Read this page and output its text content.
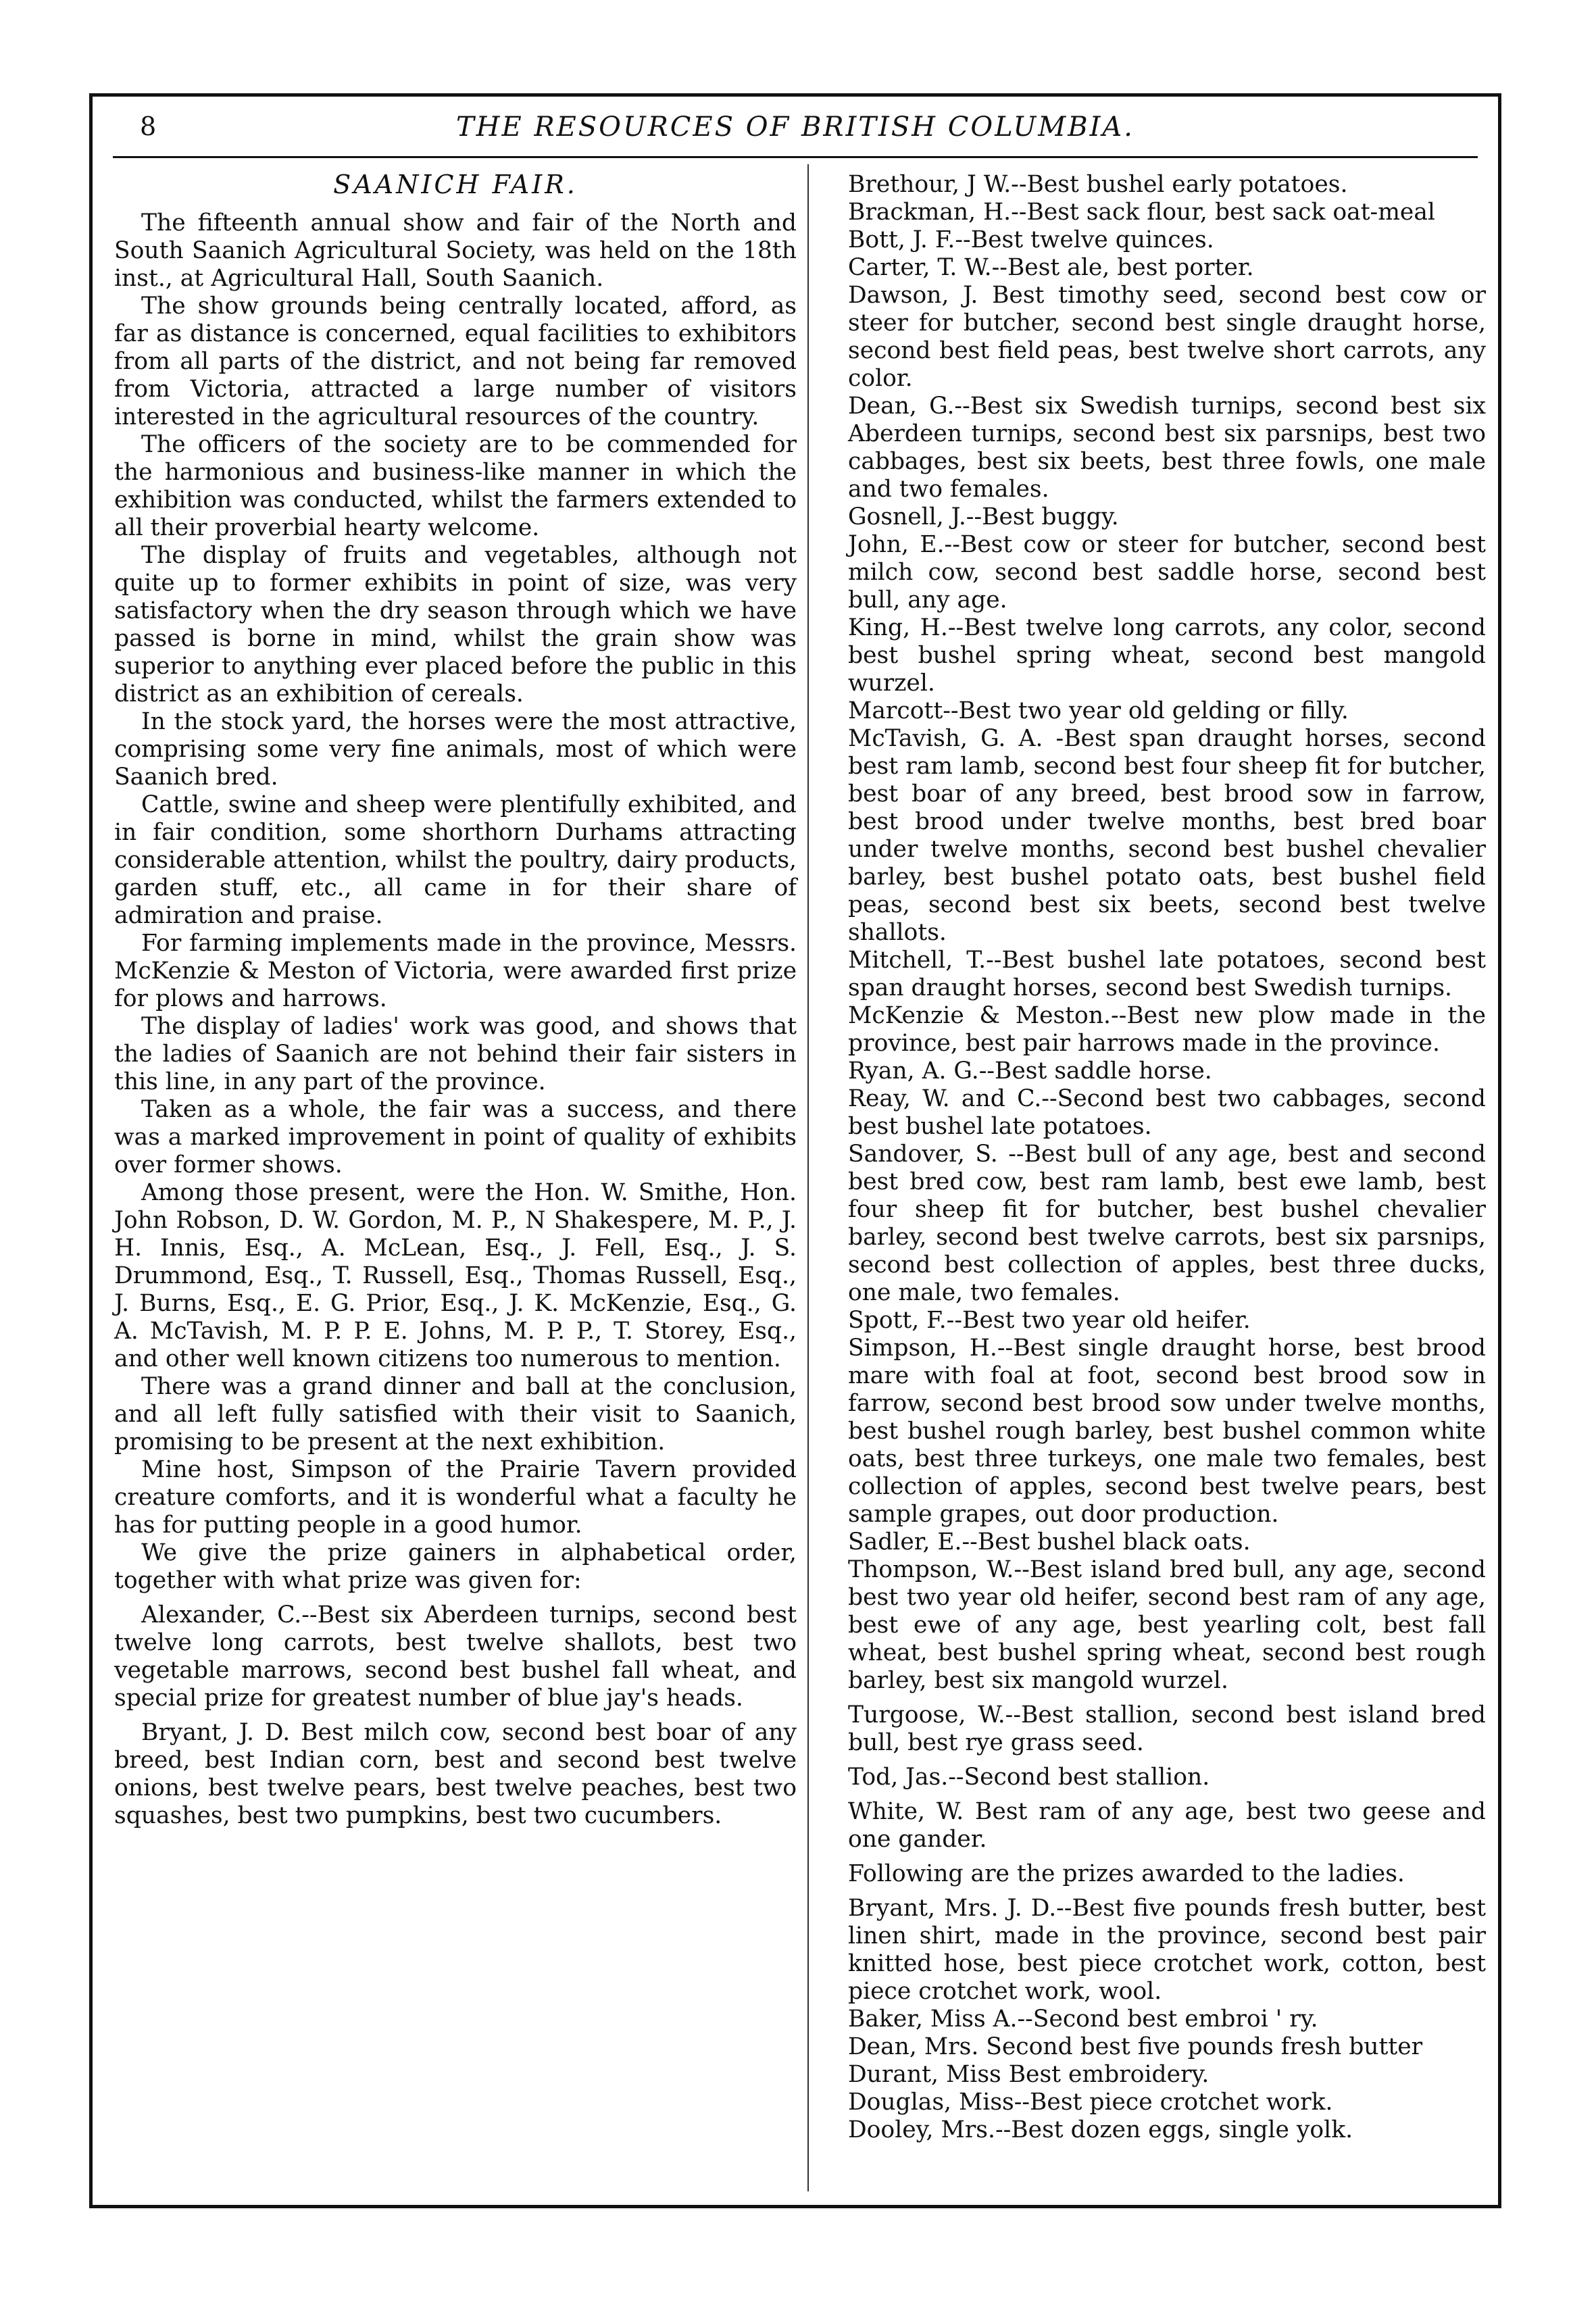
8	THE RESOURCES OF BRITISH COLUMBIA.

SAANICH FAIR.

The fifteenth annual show and fair of the North and South Saanich Agricultural Society, was held on the 18th inst., at Agricultural Hall, South Saanich.

The show grounds being centrally located, afford, as far as distance is concerned, equal facilities to exhibitors from all parts of the district, and not being far removed from Victoria, attracted a large number of visitors interested in the agricultural resources of the country.

The officers of the society are to be commended for the harmonious and business-like manner in which the exhibition was conducted, whilst the farmers extended to all their proverbial hearty welcome.

The display of fruits and vegetables, although not quite up to former exhibits in point of size, was very satisfactory when the dry season through which we have passed is borne in mind, whilst the grain show was superior to anything ever placed before the public in this district as an exhibition of cereals.

In the stock yard, the horses were the most attractive, comprising some very fine animals, most of which were Saanich bred.

Cattle, swine and sheep were plentifully exhibited, and in fair condition, some shorthorn Durhams attracting considerable attention, whilst the poultry, dairy products, garden stuff, etc., all came in for their share of admiration and praise.

For farming implements made in the province, Messrs. McKenzie & Meston of Victoria, were awarded first prize for plows and harrows.

The display of ladies' work was good, and shows that the ladies of Saanich are not behind their fair sisters in this line, in any part of the province.

Taken as a whole, the fair was a success, and there was a marked improvement in point of quality of exhibits over former shows.

Among those present, were the Hon. W. Smithe, Hon. John Robson, D. W. Gordon, M. P., N Shakespere, M. P., J. H. Innis, Esq., A. McLean, Esq., J. Fell, Esq., J. S. Drummond, Esq., T. Russell, Esq., Thomas Russell, Esq., J. Burns, Esq., E. G. Prior, Esq., J. K. McKenzie, Esq., G. A. McTavish, M. P. P. E. Johns, M. P. P., T. Storey, Esq., and other well known citizens too numerous to mention.

There was a grand dinner and ball at the conclusion, and all left fully satisfied with their visit to Saanich, promising to be present at the next exhibition.

Mine host, Simpson of the Prairie Tavern provided creature comforts, and it is wonderful what a faculty he has for putting people in a good humor.

We give the prize gainers in alphabetical order, together with what prize was given for:

Alexander, C.--Best six Aberdeen turnips, second best twelve long carrots, best twelve shallots, best two vegetable marrows, second best bushel fall wheat, and special prize for greatest number of blue jay's heads.

Bryant, J. D. Best milch cow, second best boar of any breed, best Indian corn, best and second best twelve onions, best twelve pears, best twelve peaches, best two squashes, best two pumpkins, best two cucumbers.

Brethour, J W.--Best bushel early potatoes.

Brackman, H.--Best sack flour, best sack oat-meal

Bott, J. F.--Best twelve quinces.

Carter, T. W.--Best ale, best porter.

Dawson, J. Best timothy seed, second best cow or steer for butcher, second best single draught horse, second best field peas, best twelve short carrots, any color.

Dean, G.--Best six Swedish turnips, second best six Aberdeen turnips, second best six parsnips, best two cabbages, best six beets, best three fowls, one male and two females.

Gosnell, J.--Best buggy.

John, E.--Best cow or steer for butcher, second best milch cow, second best saddle horse, second best bull, any age.

King, H.--Best twelve long carrots, any color, second best bushel spring wheat, second best mangold wurzel.

Marcott--Best two year old gelding or filly.

McTavish, G. A. -Best span draught horses, second best ram lamb, second best four sheep fit for butcher, best boar of any breed, best brood sow in farrow, best brood under twelve months, best bred boar under twelve months, second best bushel chevalier barley, best bushel potato oats, best bushel field peas, second best six beets, second best twelve shallots.

Mitchell, T.--Best bushel late potatoes, second best span draught horses, second best Swedish turnips.

McKenzie & Meston.--Best new plow made in the province, best pair harrows made in the province.

Ryan, A. G.--Best saddle horse.

Reay, W. and C.--Second best two cabbages, second best bushel late potatoes.

Sandover, S. --Best bull of any age, best and second best bred cow, best ram lamb, best ewe lamb, best four sheep fit for butcher, best bushel chevalier barley, second best twelve carrots, best six parsnips, second best collection of apples, best three ducks, one male, two females.

Spott, F.--Best two year old heifer.

Simpson, H.--Best single draught horse, best brood mare with foal at foot, second best brood sow in farrow, second best brood sow under twelve months, best bushel rough barley, best bushel common white oats, best three turkeys, one male two females, best collection of apples, second best twelve pears, best sample grapes, out door production.

Sadler, E.--Best bushel black oats.

Thompson, W.--Best island bred bull, any age, second best two year old heifer, second best ram of any age, best ewe of any age, best yearling colt, best fall wheat, best bushel spring wheat, second best rough barley, best six mangold wurzel.

Turgoose, W.--Best stallion, second best island bred bull, best rye grass seed.

Tod, Jas.--Second best stallion.

White, W. Best ram of any age, best two geese and one gander.

Following are the prizes awarded to the ladies.

Bryant, Mrs. J. D.--Best five pounds fresh butter, best linen shirt, made in the province, second best pair knitted hose, best piece crotchet work, cotton, best piece crotchet work, wool.

Baker, Miss A.--Second best embroi ' ry.

Dean, Mrs. Second best five pounds fresh butter

Durant, Miss Best embroidery.

Douglas, Miss--Best piece crotchet work.

Dooley, Mrs.--Best dozen eggs, single yolk.
